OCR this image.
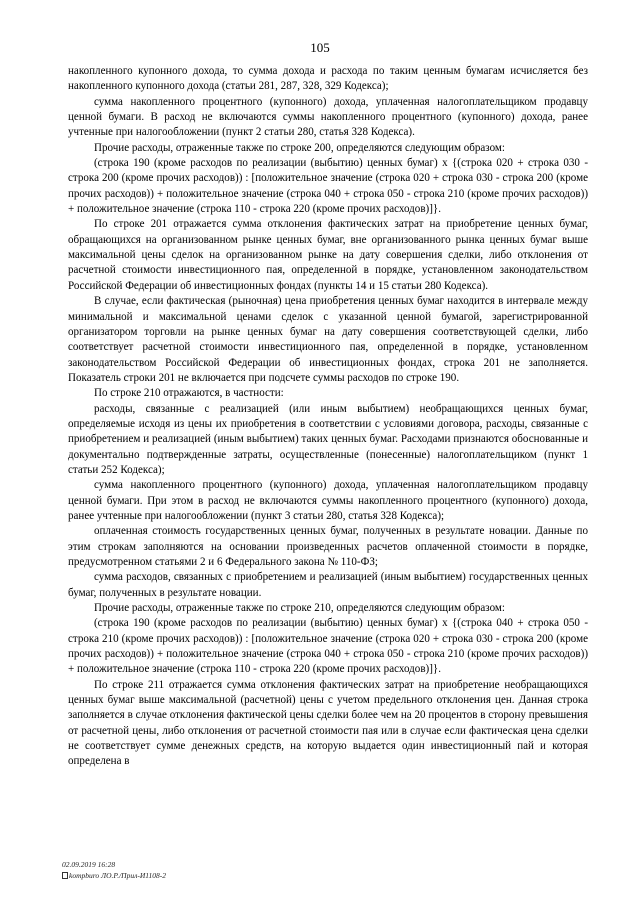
105

накопленного купонного дохода, то сумма дохода и расхода по таким ценным бумагам исчисляется без накопленного купонного дохода (статьи 281, 287, 328, 329 Кодекса);

сумма накопленного процентного (купонного) дохода, уплаченная налогоплательщиком продавцу ценной бумаги. В расход не включаются суммы накопленного процентного (купонного) дохода, ранее учтенные при налогообложении (пункт 2 статьи 280, статья 328 Кодекса).

Прочие расходы, отраженные также по строке 200, определяются следующим образом:

(строка 190 (кроме расходов по реализации (выбытию) ценных бумаг) х {(строка 020 + строка 030 - строка 200 (кроме прочих расходов)) : [положительное значение (строка 020 + строка 030 - строка 200 (кроме прочих расходов)) + положительное значение (строка 040 + строка 050 - строка 210 (кроме прочих расходов)) + положительное значение (строка 110 - строка 220 (кроме прочих расходов)]}.

По строке 201 отражается сумма отклонения фактических затрат на приобретение ценных бумаг, обращающихся на организованном рынке ценных бумаг, вне организованного рынка ценных бумаг выше максимальной цены сделок на организованном рынке на дату совершения сделки, либо отклонения от расчетной стоимости инвестиционного пая, определенной в порядке, установленном законодательством Российской Федерации об инвестиционных фондах (пункты 14 и 15 статьи 280 Кодекса).

В случае, если фактическая (рыночная) цена приобретения ценных бумаг находится в интервале между минимальной и максимальной ценами сделок с указанной ценной бумагой, зарегистрированной организатором торговли на рынке ценных бумаг на дату совершения соответствующей сделки, либо соответствует расчетной стоимости инвестиционного пая, определенной в порядке, установленном законодательством Российской Федерации об инвестиционных фондах, строка 201 не заполняется. Показатель строки 201 не включается при подсчете суммы расходов по строке 190.

По строке 210 отражаются, в частности:

расходы, связанные с реализацией (или иным выбытием) необращающихся ценных бумаг, определяемые исходя из цены их приобретения в соответствии с условиями договора, расходы, связанные с приобретением и реализацией (иным выбытием) таких ценных бумаг. Расходами признаются обоснованные и документально подтвержденные затраты, осуществленные (понесенные) налогоплательщиком (пункт 1 статьи 252 Кодекса);

сумма накопленного процентного (купонного) дохода, уплаченная налогоплательщиком продавцу ценной бумаги. При этом в расход не включаются суммы накопленного процентного (купонного) дохода, ранее учтенные при налогообложении (пункт 3 статьи 280, статья 328 Кодекса);

оплаченная стоимость государственных ценных бумаг, полученных в результате новации. Данные по этим строкам заполняются на основании произведенных расчетов оплаченной стоимости в порядке, предусмотренном статьями 2 и 6 Федерального закона № 110-ФЗ;

сумма расходов, связанных с приобретением и реализацией (иным выбытием) государственных ценных бумаг, полученных в результате новации.

Прочие расходы, отраженные также по строке 210, определяются следующим образом:

(строка 190 (кроме расходов по реализации (выбытию) ценных бумаг) х {(строка 040 + строка 050 - строка 210 (кроме прочих расходов)) : [положительное значение (строка 020 + строка 030 - строка 200 (кроме прочих расходов)) + положительное значение (строка 040 + строка 050 - строка 210 (кроме прочих расходов)) + положительное значение (строка 110 - строка 220 (кроме прочих расходов)]}.

По строке 211 отражается сумма отклонения фактических затрат на приобретение необращающихся ценных бумаг выше максимальной (расчетной) цены с учетом предельного отклонения цен. Данная строка заполняется в случае отклонения фактической цены сделки более чем на 20 процентов в сторону превышения от расчетной цены, либо отклонения от расчетной стоимости пая или в случае если фактическая цена сделки не соответствует сумме денежных средств, на которую выдается один инвестиционный пай и которая определена в

02.09.2019 16:28
kompburo ЛО.Р./Прил-И1108-2
